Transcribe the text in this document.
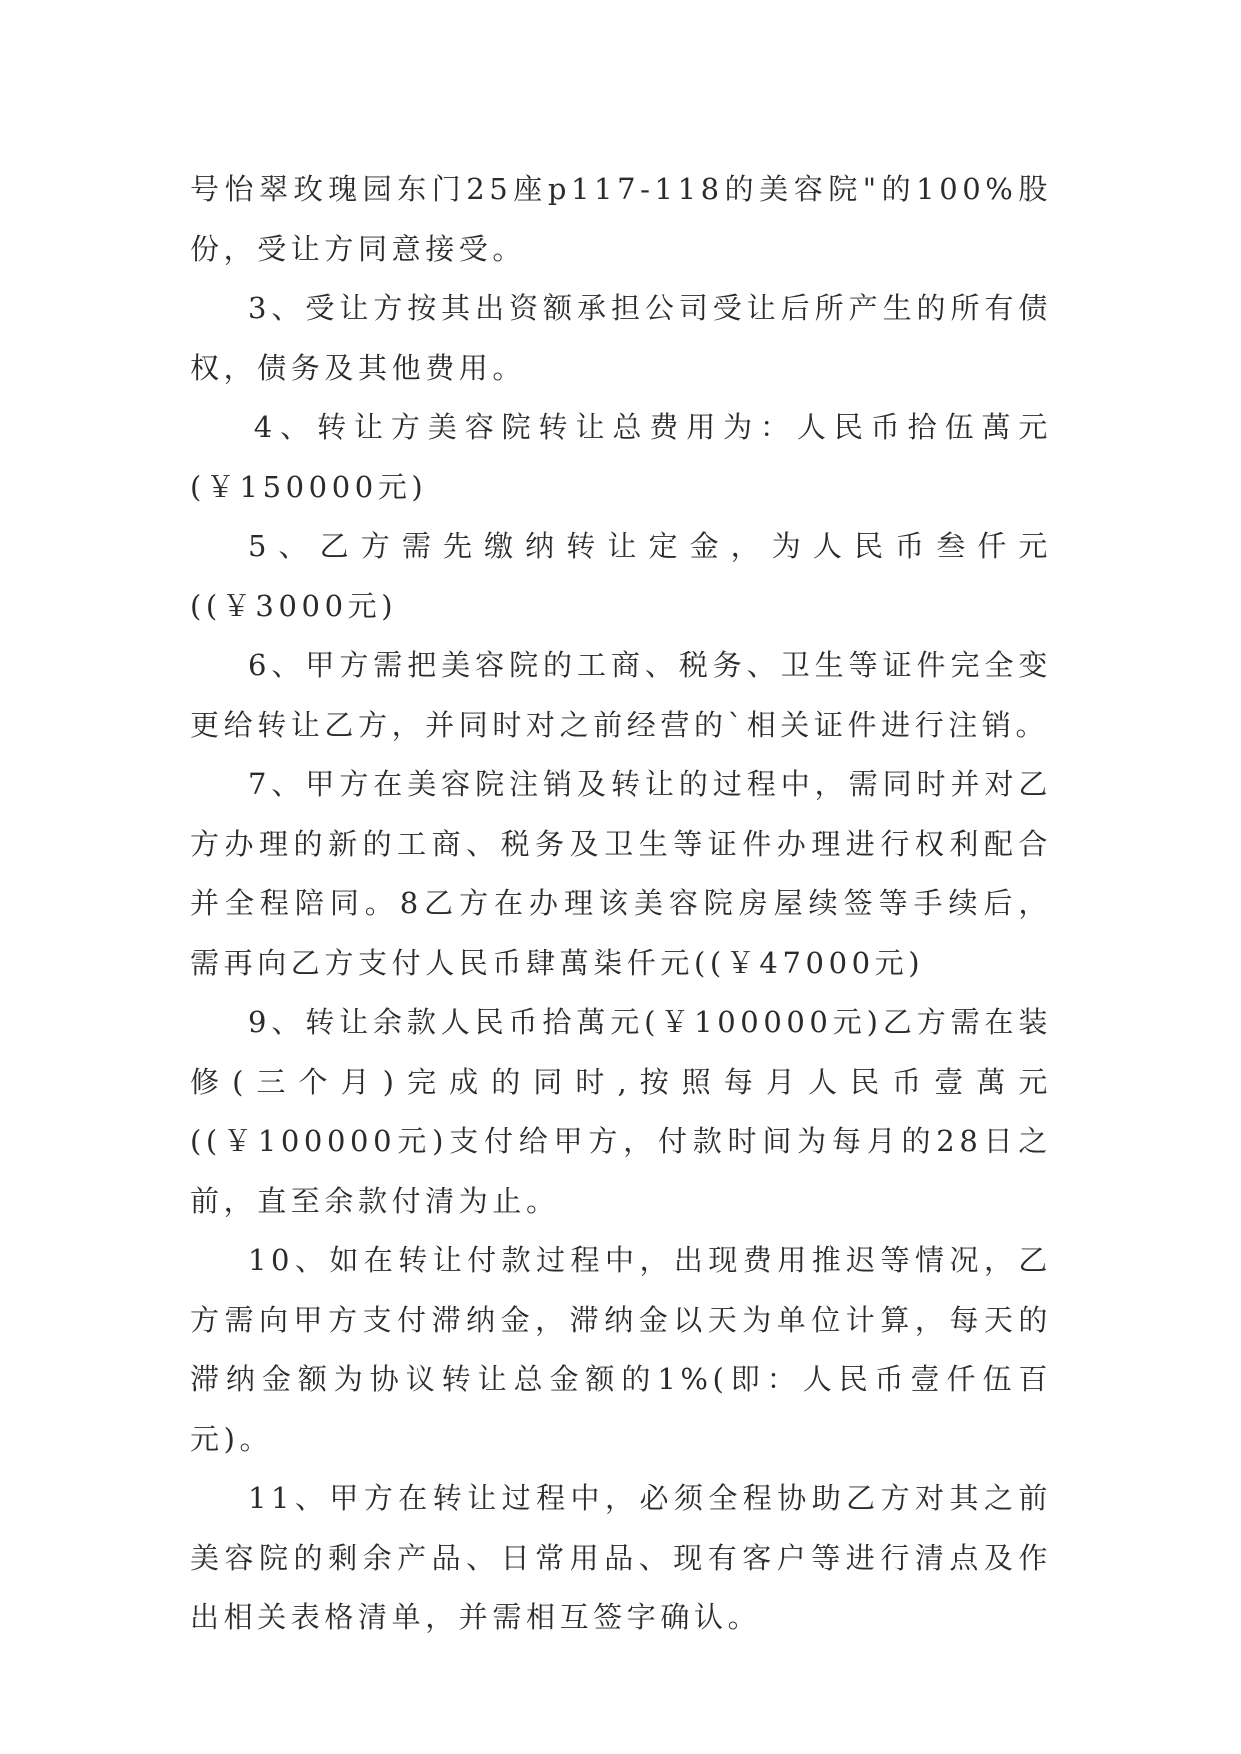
号怡翠玫瑰园东门25座p117-118的美容院"的100%股份，受让方同意接受。

3、受让方按其出资额承担公司受让后所产生的所有债权，债务及其他费用。

4、转让方美容院转让总费用为：人民币拾伍萬元(￥150000元)

5、乙方需先缴纳转让定金，为人民币叁仟元((￥3000元)

6、甲方需把美容院的工商、税务、卫生等证件完全变更给转让乙方，并同时对之前经营的`相关证件进行注销。

7、甲方在美容院注销及转让的过程中，需同时并对乙方办理的新的工商、税务及卫生等证件办理进行权利配合并全程陪同。8乙方在办理该美容院房屋续签等手续后，需再向乙方支付人民币肆萬柒仟元((￥47000元)

9、转让余款人民币拾萬元(￥100000元)乙方需在装修(三个月)完成的同时,按照每月人民币壹萬元((￥100000元)支付给甲方，付款时间为每月的28日之前，直至余款付清为止。

10、如在转让付款过程中，出现费用推迟等情况，乙方需向甲方支付滞纳金，滞纳金以天为单位计算，每天的滞纳金额为协议转让总金额的1%(即：人民币壹仟伍百元)。

11、甲方在转让过程中，必须全程协助乙方对其之前美容院的剩余产品、日常用品、现有客户等进行清点及作出相关表格清单，并需相互签字确认。
